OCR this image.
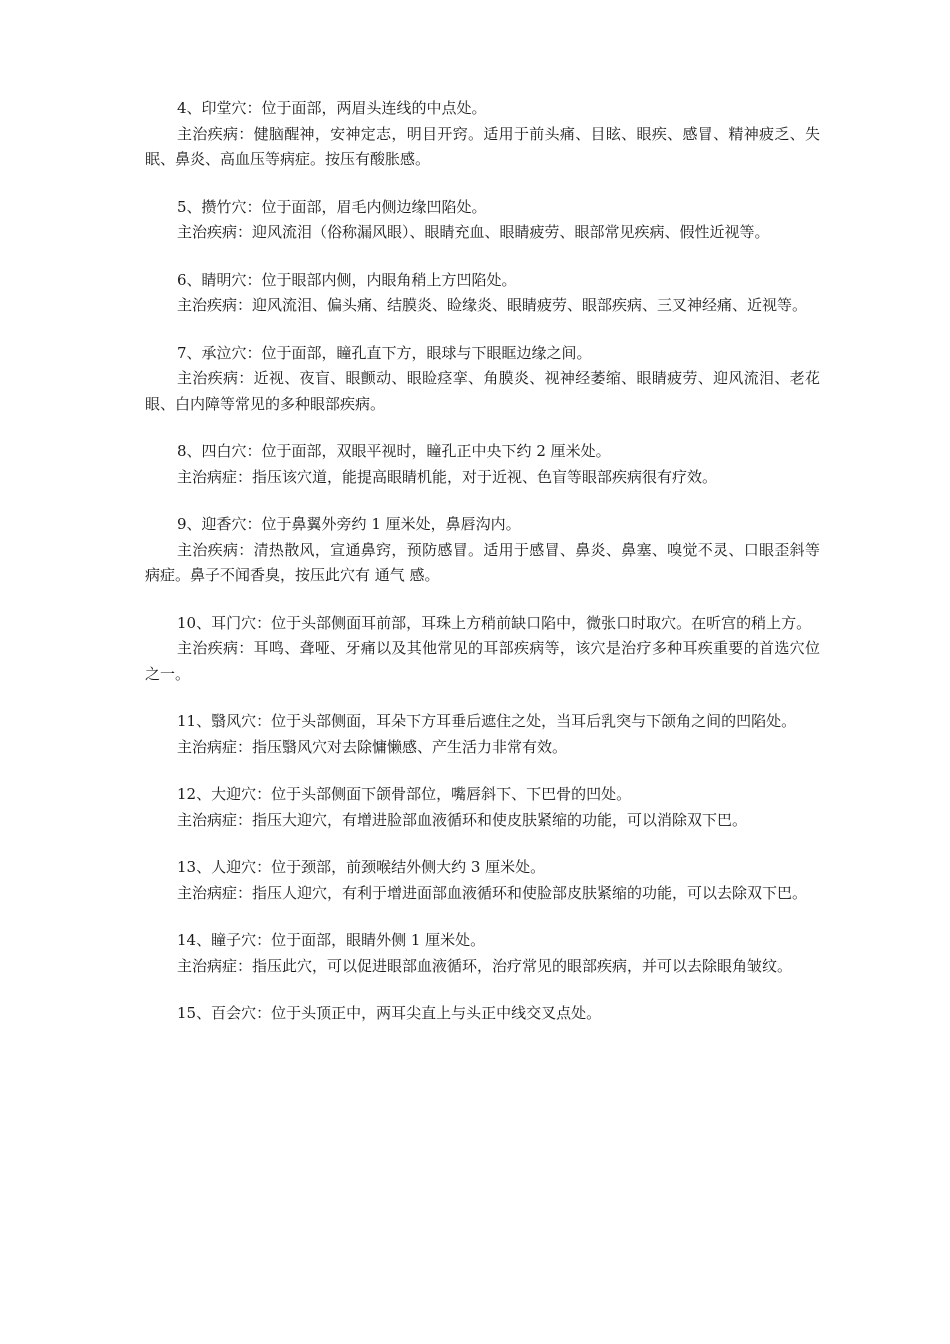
4、印堂穴：位于面部，两眉头连线的中点处。

主治疾病：健脑醒神，安神定志，明目开窍。适用于前头痛、目眩、眼疾、感冒、精神疲乏、失眠、鼻炎、高血压等病症。按压有酸胀感。

5、攒竹穴：位于面部，眉毛内侧边缘凹陷处。

主治疾病：迎风流泪（俗称漏风眼）、眼睛充血、眼睛疲劳、眼部常见疾病、假性近视等。

6、睛明穴：位于眼部内侧，内眼角稍上方凹陷处。

主治疾病：迎风流泪、偏头痛、结膜炎、睑缘炎、眼睛疲劳、眼部疾病、三叉神经痛、近视等。

7、承泣穴：位于面部，瞳孔直下方，眼球与下眼眶边缘之间。

主治疾病：近视、夜盲、眼颤动、眼睑痉挛、角膜炎、视神经萎缩、眼睛疲劳、迎风流泪、老花眼、白内障等常见的多种眼部疾病。

8、四白穴：位于面部，双眼平视时，瞳孔正中央下约 2 厘米处。

主治病症：指压该穴道，能提高眼睛机能，对于近视、色盲等眼部疾病很有疗效。

9、迎香穴：位于鼻翼外旁约 1 厘米处，鼻唇沟内。

主治疾病：清热散风，宣通鼻窍，预防感冒。适用于感冒、鼻炎、鼻塞、嗅觉不灵、口眼歪斜等病症。鼻子不闻香臭，按压此穴有 通气 感。

10、耳门穴：位于头部侧面耳前部，耳珠上方稍前缺口陷中，微张口时取穴。在听宫的稍上方。

主治疾病：耳鸣、聋哑、牙痛以及其他常见的耳部疾病等，该穴是治疗多种耳疾重要的首选穴位之一。

11、翳风穴：位于头部侧面，耳朵下方耳垂后遮住之处，当耳后乳突与下颌角之间的凹陷处。

主治病症：指压翳风穴对去除慵懒感、产生活力非常有效。

12、大迎穴：位于头部侧面下颌骨部位，嘴唇斜下、下巴骨的凹处。

主治病症：指压大迎穴，有增进脸部血液循环和使皮肤紧缩的功能，可以消除双下巴。

13、人迎穴：位于颈部，前颈喉结外侧大约 3 厘米处。

主治病症：指压人迎穴，有利于增进面部血液循环和使脸部皮肤紧缩的功能，可以去除双下巴。

14、瞳子穴：位于面部，眼睛外侧 1 厘米处。

主治病症：指压此穴，可以促进眼部血液循环，治疗常见的眼部疾病，并可以去除眼角皱纹。

15、百会穴：位于头顶正中，两耳尖直上与头正中线交叉点处。
